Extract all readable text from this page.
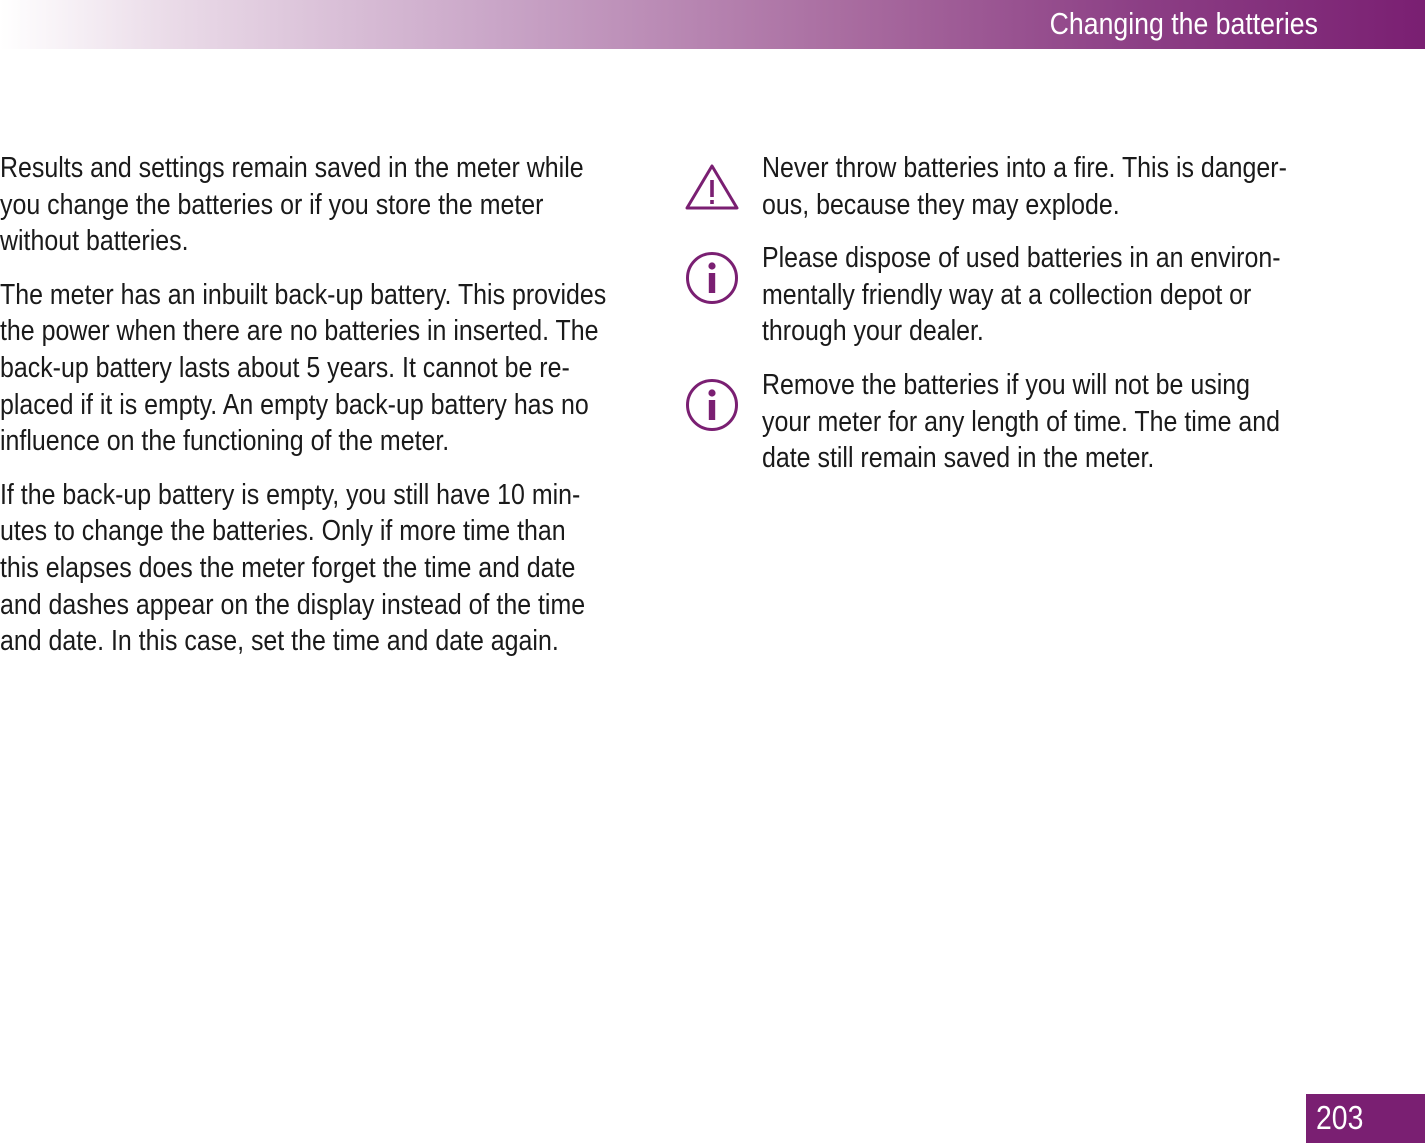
Changing the batteries

Results and settings remain saved in the meter while
you change the batteries or if you store the meter
without batteries.

The meter has an inbuilt back-up battery. This provides
the power when there are no batteries in inserted. The
back-up battery lasts about 5 years. It cannot be re-
placed if it is empty. An empty back-up battery has no
influence on the functioning of the meter.

If the back-up battery is empty, you still have 10 min-
utes to change the batteries. Only if more time than
this elapses does the meter forget the time and date
and dashes appear on the display instead of the time
and date. In this case, set the time and date again.

Never throw batteries into a fire. This is danger-
ous, because they may explode.
Please dispose of used batteries in an environ-
mentally friendly way at a collection depot or
through your dealer.
Remove the batteries if you will not be using
your meter for any length of time. The time and
date still remain saved in the meter.
203
